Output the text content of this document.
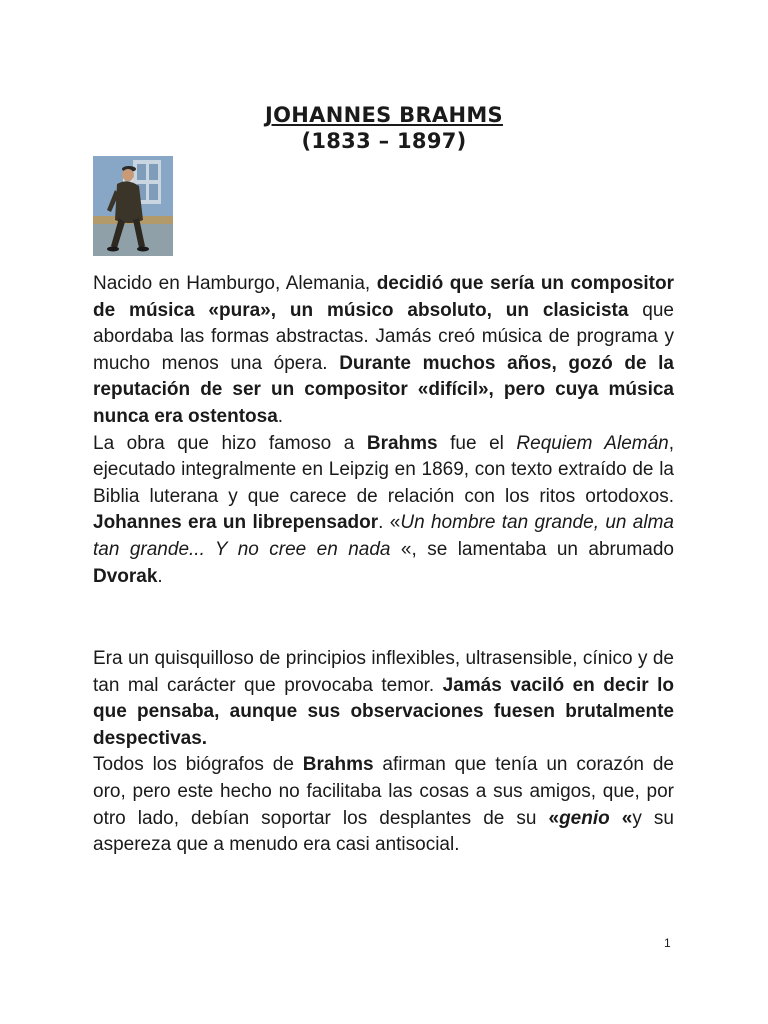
JOHANNES BRAHMS
(1833 – 1897)

Nacido en Hamburgo, Alemania, decidió que sería un compositor de música «pura», un músico absoluto, un clasicista que abordaba las formas abstractas. Jamás creó música de programa y mucho menos una ópera. Durante muchos años, gozó de la reputación de ser un compositor «difícil», pero cuya música nunca era ostentosa.

La obra que hizo famoso a Brahms fue el Requiem Alemán, ejecutado integralmente en Leipzig en 1869, con texto extraído de la Biblia luterana y que carece de relación con los ritos ortodoxos. Johannes era un librepensador. «Un hombre tan grande, un alma tan grande... Y no cree en nada «, se lamentaba un abrumado Dvorak.

Era un quisquilloso de principios inflexibles, ultrasensible, cínico y de tan mal carácter que provocaba temor. Jamás vaciló en decir lo que pensaba, aunque sus observaciones fuesen brutalmente despectivas.

Todos los biógrafos de Brahms afirman que tenía un corazón de oro, pero este hecho no facilitaba las cosas a sus amigos, que, por otro lado, debían soportar los desplantes de su «genio «y su aspereza que a menudo era casi antisocial.

1
